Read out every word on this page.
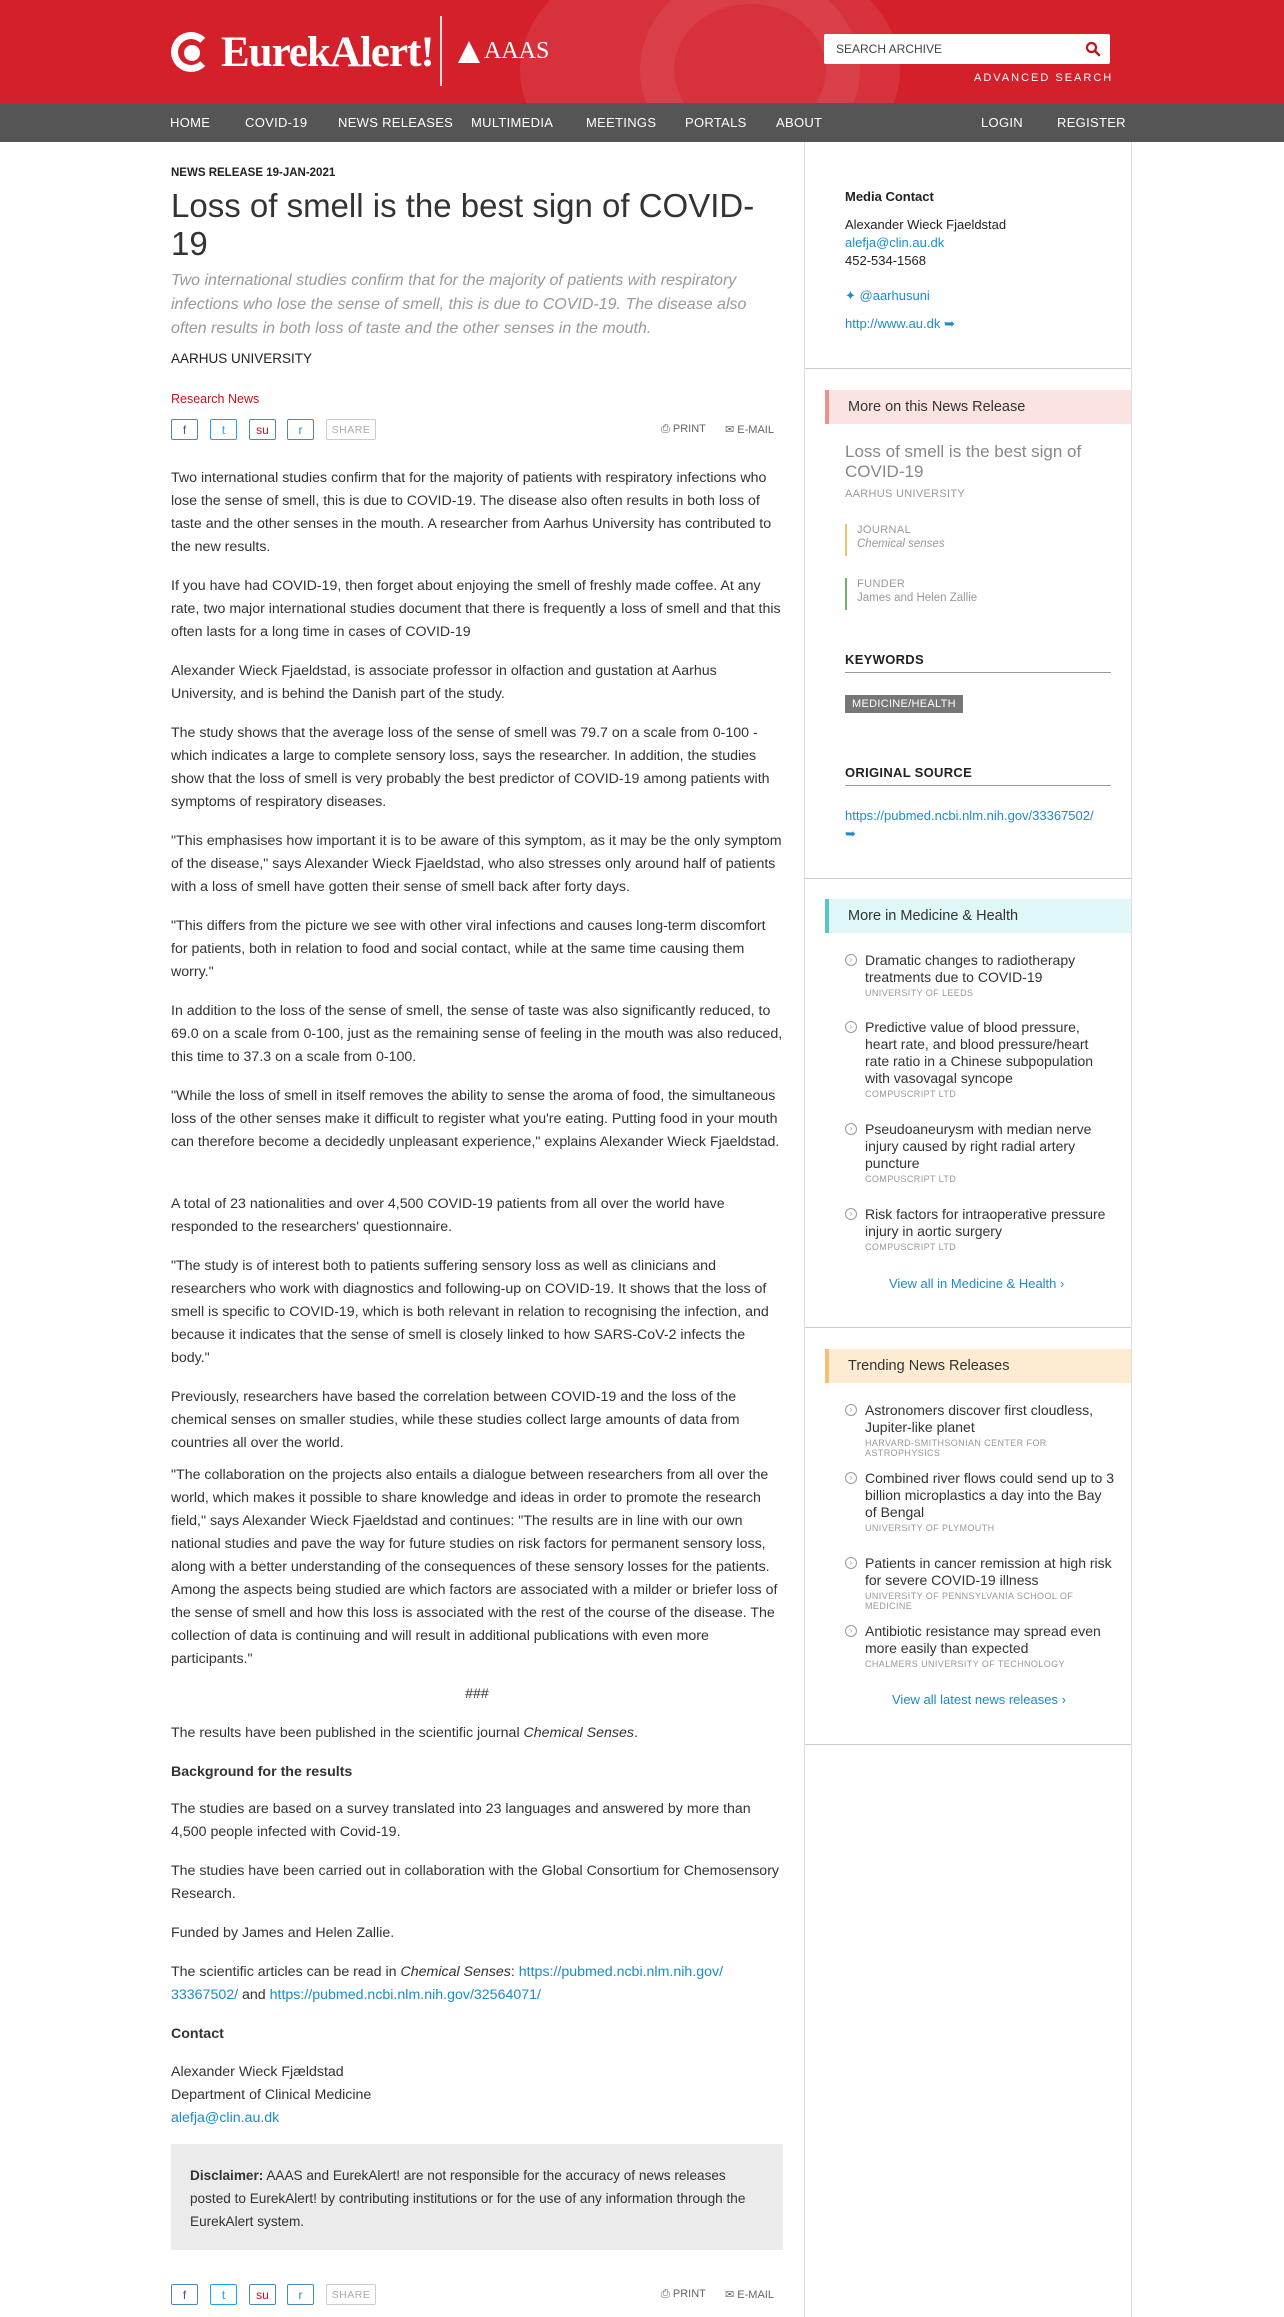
EurekAlert! AAAS
SEARCH ARCHIVE
ADVANCED SEARCH
HOME	COVID-19 NEWS RELEASES MULTIMEDIA	MEETINGS PORTALS ABOUT	LOGIN	REGISTER
NEWS RELEASE 19-JAN-2021
Loss of smell is the best sign of COVID-19
Two international studies confirm that for the majority of patients with respiratory infections who lose the sense of smell, this is due to COVID-19. The disease also often results in both loss of taste and the other senses in the mouth.
AARHUS UNIVERSITY
Research News
f	t	su	r	SHARE	⎙ PRINT ✉ E-MAIL

Two international studies confirm that for the majority of patients with respiratory infections who lose the sense of smell, this is due to COVID-19. The disease also often results in both loss of taste and the other senses in the mouth. A researcher from Aarhus University has contributed to the new results.

If you have had COVID-19, then forget about enjoying the smell of freshly made coffee. At any rate, two major international studies document that there is frequently a loss of smell and that this often lasts for a long time in cases of COVID-19

Alexander Wieck Fjaeldstad, is associate professor in olfaction and gustation at Aarhus University, and is behind the Danish part of the study.

The study shows that the average loss of the sense of smell was 79.7 on a scale from 0-100 - which indicates a large to complete sensory loss, says the researcher. In addition, the studies show that the loss of smell is very probably the best predictor of COVID-19 among patients with symptoms of respiratory diseases.

"This emphasises how important it is to be aware of this symptom, as it may be the only symptom of the disease," says Alexander Wieck Fjaeldstad, who also stresses only around half of patients with a loss of smell have gotten their sense of smell back after forty days.

"This differs from the picture we see with other viral infections and causes long-term discomfort for patients, both in relation to food and social contact, while at the same time causing them worry."

In addition to the loss of the sense of smell, the sense of taste was also significantly reduced, to 69.0 on a scale from 0-100, just as the remaining sense of feeling in the mouth was also reduced, this time to 37.3 on a scale from 0-100.

"While the loss of smell in itself removes the ability to sense the aroma of food, the simultaneous loss of the other senses make it difficult to register what you're eating. Putting food in your mouth can therefore become a decidedly unpleasant experience," explains Alexander Wieck Fjaeldstad.

A total of 23 nationalities and over 4,500 COVID-19 patients from all over the world have responded to the researchers' questionnaire.

"The study is of interest both to patients suffering sensory loss as well as clinicians and researchers who work with diagnostics and following-up on COVID-19. It shows that the loss of smell is specific to COVID-19, which is both relevant in relation to recognising the infection, and because it indicates that the sense of smell is closely linked to how SARS-CoV-2 infects the body."

Previously, researchers have based the correlation between COVID-19 and the loss of the chemical senses on smaller studies, while these studies collect large amounts of data from countries all over the world.

"The collaboration on the projects also entails a dialogue between researchers from all over the world, which makes it possible to share knowledge and ideas in order to promote the research field," says Alexander Wieck Fjaeldstad and continues: "The results are in line with our own national studies and pave the way for future studies on risk factors for permanent sensory loss, along with a better understanding of the consequences of these sensory losses for the patients. Among the aspects being studied are which factors are associated with a milder or briefer loss of the sense of smell and how this loss is associated with the rest of the course of the disease. The collection of data is continuing and will result in additional publications with even more participants."

###

The results have been published in the scientific journal Chemical Senses.

Background for the results

The studies are based on a survey translated into 23 languages and answered by more than 4,500 people infected with Covid-19.

The studies have been carried out in collaboration with the Global Consortium for Chemosensory Research.

Funded by James and Helen Zallie.

The scientific articles can be read in Chemical Senses: https://pubmed.ncbi.nlm.nih.gov/ 33367502/ and https://pubmed.ncbi.nlm.nih.gov/32564071/

Contact

Alexander Wieck Fjældstad

Department of Clinical Medicine

alefja@clin.au.dk

Disclaimer: AAAS and EurekAlert! are not responsible for the accuracy of news releases posted to EurekAlert! by contributing institutions or for the use of any information through the EurekAlert system.
f	t	su	r	SHARE	⎙ PRINT ✉ E-MAIL
Media Contact
Alexander Wieck Fjaeldstad
alefja@clin.au.dk
452-534-1568
✦ @aarhusuni
http://www.au.dk ➥
More on this News Release
Loss of smell is the best sign of COVID-19
AARHUS UNIVERSITY
JOURNAL
Chemical senses
FUNDER
James and Helen Zallie
KEYWORDS
MEDICINE/HEALTH
ORIGINAL SOURCE
https://pubmed.ncbi.nlm.nih.gov/33367502/
➥
More in Medicine & Health
› Dramatic changes to radiotherapy treatments due to COVID-19
UNIVERSITY OF LEEDS
› Predictive value of blood pressure, heart rate, and blood pressure/heart rate ratio in a Chinese subpopulation with vasovagal syncope
COMPUSCRIPT LTD
› Pseudoaneurysm with median nerve injury caused by right radial artery puncture
COMPUSCRIPT LTD
› Risk factors for intraoperative pressure injury in aortic surgery
COMPUSCRIPT LTD
View all in Medicine & Health ›
Trending News Releases
› Astronomers discover first cloudless, Jupiter-like planet
HARVARD-SMITHSONIAN CENTER FOR ASTROPHYSICS
› Combined river flows could send up to 3 billion microplastics a day into the Bay of Bengal
UNIVERSITY OF PLYMOUTH
› Patients in cancer remission at high risk for severe COVID-19 illness
UNIVERSITY OF PENNSYLVANIA SCHOOL OF MEDICINE
› Antibiotic resistance may spread even more easily than expected
CHALMERS UNIVERSITY OF TECHNOLOGY
View all latest news releases ›
